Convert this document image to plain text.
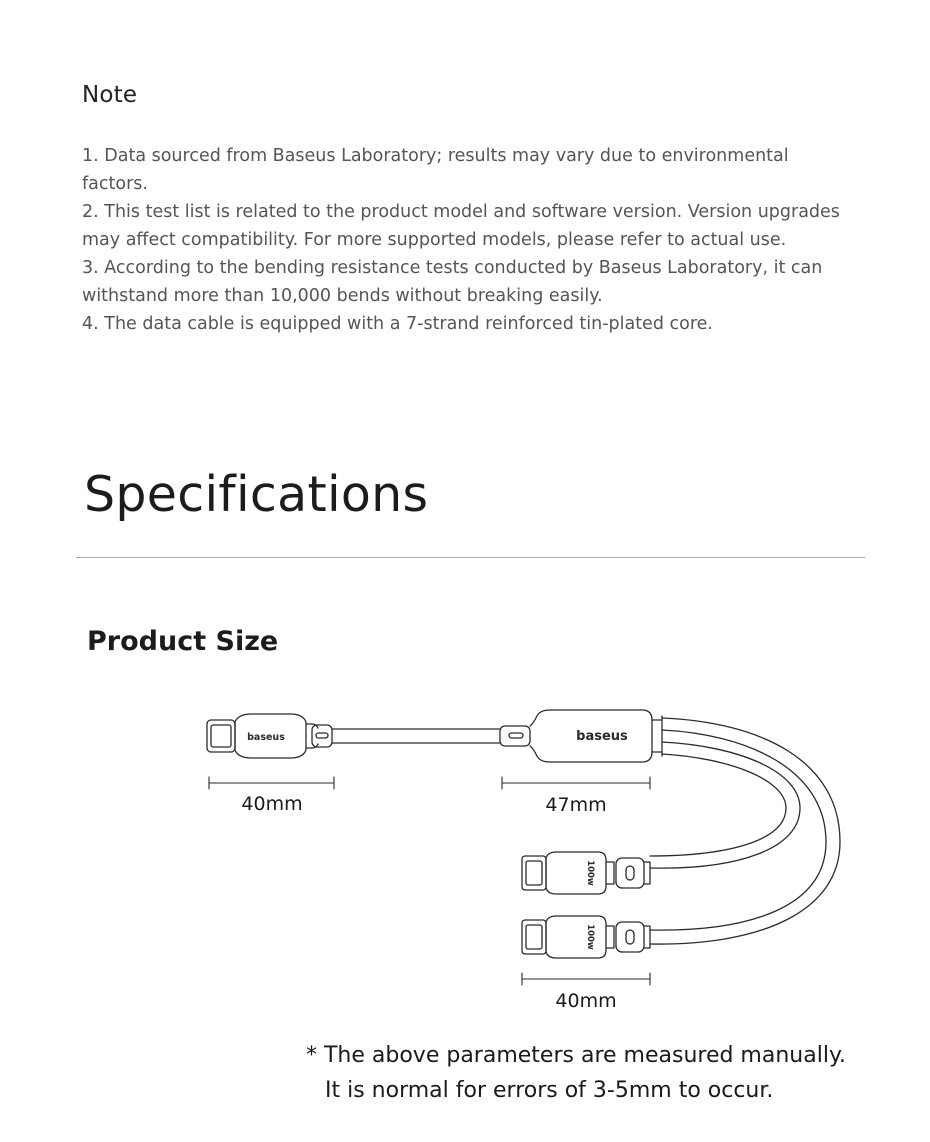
Note
1. Data sourced from Baseus Laboratory; results may vary due to environmental factors.
2. This test list is related to the product model and software version. Version upgrades may affect compatibility. For more supported models, please refer to actual use.
3. According to the bending resistance tests conducted by Baseus Laboratory, it can withstand more than 10,000 bends without breaking easily.
4. The data cable is equipped with a 7-strand reinforced tin-plated core.
Specifications
Product Size
baseus	baseus
100w
100w
40mm	47mm
40mm
* The above parameters are measured manually.
It is normal for errors of 3-5mm to occur.
